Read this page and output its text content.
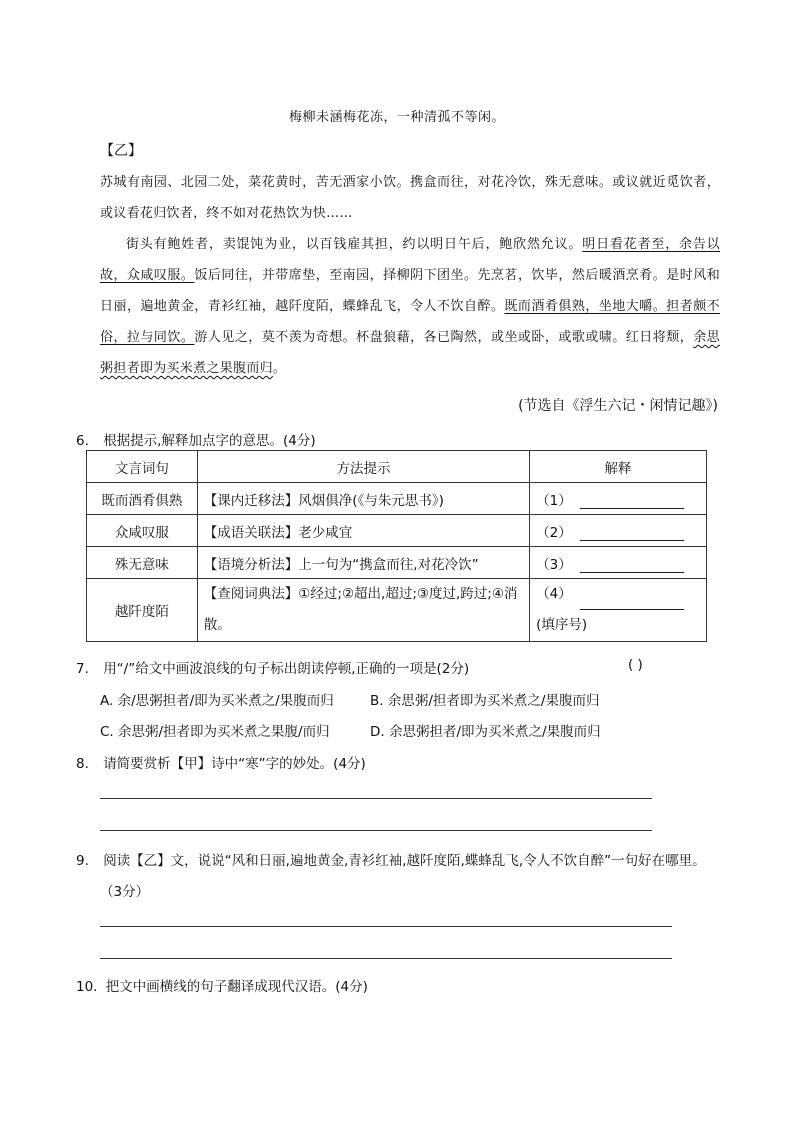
梅柳未涵梅花冻，一种清孤不等闲。
【乙】
苏城有南园、北园二处，菜花黄时，苦无酒家小饮。携盒而往，对花冷饮，殊无意味。或议就近觅饮者，或议看花归饮者，终不如对花热饮为快……
街头有鲍姓者，卖馄饨为业，以百钱雇其担，约以明日午后，鲍欣然允议。明日看花者至，余告以故，众咸叹服。饭后同往，并带席垫，至南园，择柳阴下团坐。先烹茗，饮毕，然后暖酒烹肴。是时风和日丽，遍地黄金，青衫红袖，越阡度陌，蝶蜂乱飞，令人不饮自醉。既而酒肴俱熟，坐地大嚼。担者颇不俗，拉与同饮。游人见之，莫不羡为奇想。杯盘狼藉，各已陶然，或坐或卧，或歌或啸。红日将颓，余思粥担者即为买米煮之果腹而归。
(节选自《浮生六记・闲情记趣》)
6. 根据提示,解释加点字的意思。(4分)
文言词句	方法提示	解释
既而酒肴俱熟	【课内迁移法】风烟俱净(《与朱元思书》)	（1）
众咸叹服	【成语关联法】老少咸宜	（2）
殊无意味	【语境分析法】上一句为“携盒而往,对花冷饮”	（3）
越阡度陌	【查阅词典法】①经过;②超出,超过;③度过,跨过;④消散。	（4）
(填序号)
7. 用“/”给文中画波浪线的句子标出朗读停顿,正确的一项是(2分)	( )
A. 余/思粥担者/即为买米煮之/果腹而归	B. 余思粥/担者即为买米煮之/果腹而归
C. 余思粥/担者即为买米煮之果腹/而归	D. 余思粥担者/即为买米煮之/果腹而归
8. 请简要赏析【甲】诗中“寒”字的妙处。(4分)
9. 阅读【乙】文，说说“风和日丽,遍地黄金,青衫红袖,越阡度陌,蝶蜂乱飞,令人不饮自醉”一句好在哪里。
（3分）
10. 把文中画横线的句子翻译成现代汉语。(4分)
